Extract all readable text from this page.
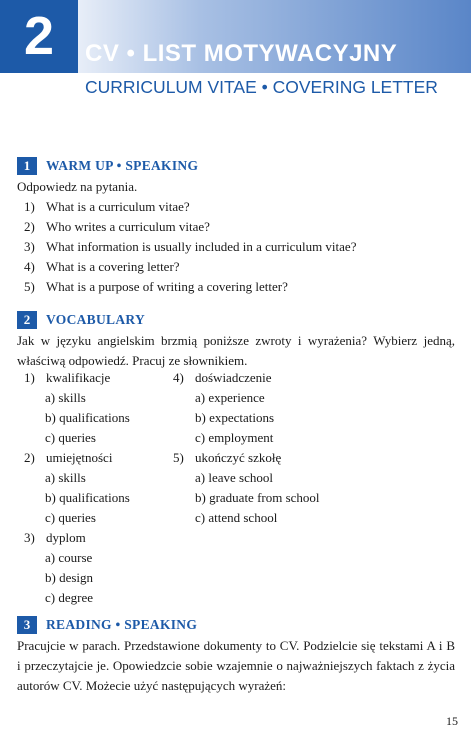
2	CV • LIST MOTYWACYJNY
CURRICULUM VITAE • COVERING LETTER
1	WARM UP • SPEAKING
Odpowiedz na pytania.
1) What is a curriculum vitae?
2) Who writes a curriculum vitae?
3) What information is usually included in a curriculum vitae?
4) What is a covering letter?
5) What is a purpose of writing a covering letter?
2	VOCABULARY
Jak w języku angielskim brzmią poniższe zwroty i wyrażenia? Wybierz jedną, właściwą odpowiedź. Pracuj ze słownikiem.
1) kwalifikacje
a) skills
b) qualifications
c) queries
2) umiejętności
a) skills
b) qualifications
c) queries
3) dyplom
a) course
b) design
c) degree
4) doświadczenie
a) experience
b) expectations
c) employment
5) ukończyć szkołę
a) leave school
b) graduate from school
c) attend school
3	READING • SPEAKING
Pracujcie w parach. Przedstawione dokumenty to CV. Podzielcie się tekstami A i B i przeczytajcie je. Opowiedzcie sobie wzajemnie o najważniejszych faktach z życia autorów CV. Możecie użyć następujących wyrażeń:
15
